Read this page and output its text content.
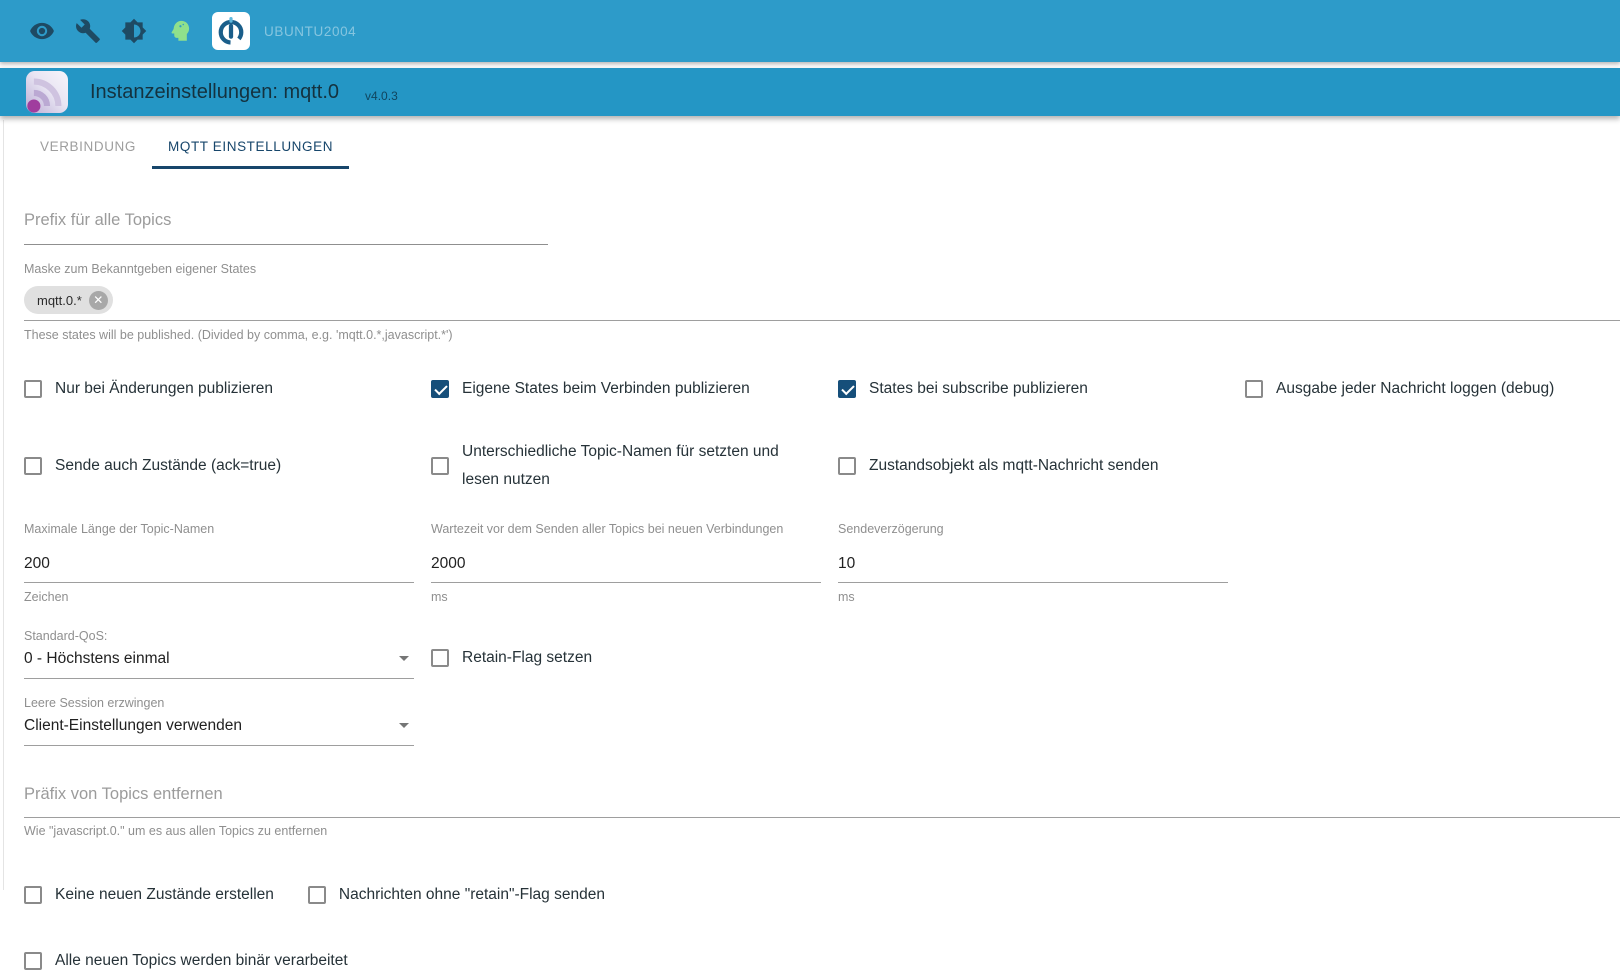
UBUNTU2004
Instanzeinstellungen: mqtt.0 v4.0.3
VERBINDUNG	MQTT EINSTELLUNGEN
Prefix für alle Topics
Maske zum Bekanntgeben eigener States
mqtt.0.* ✕
These states will be published. (Divided by comma, e.g. 'mqtt.0.*,javascript.*')
Nur bei Änderungen publizieren	Eigene States beim Verbinden publizieren	States bei subscribe publizieren	Ausgabe jeder Nachricht loggen (debug)
Sende auch Zustände (ack=true)
Unterschiedliche Topic-Namen für setzten und lesen nutzen
Zustandsobjekt als mqtt-Nachricht senden
Maximale Länge der Topic-Namen
200
Zeichen
Wartezeit vor dem Senden aller Topics bei neuen Verbindungen
2000
ms
Sendeverzögerung
10
ms
Standard-QoS:
0 - Höchstens einmal	Retain-Flag setzen
Leere Session erzwingen
Client-Einstellungen verwenden
Präfix von Topics entfernen
Wie "javascript.0." um es aus allen Topics zu entfernen
Keine neuen Zustände erstellen	Nachrichten ohne "retain"-Flag senden
Alle neuen Topics werden binär verarbeitet
